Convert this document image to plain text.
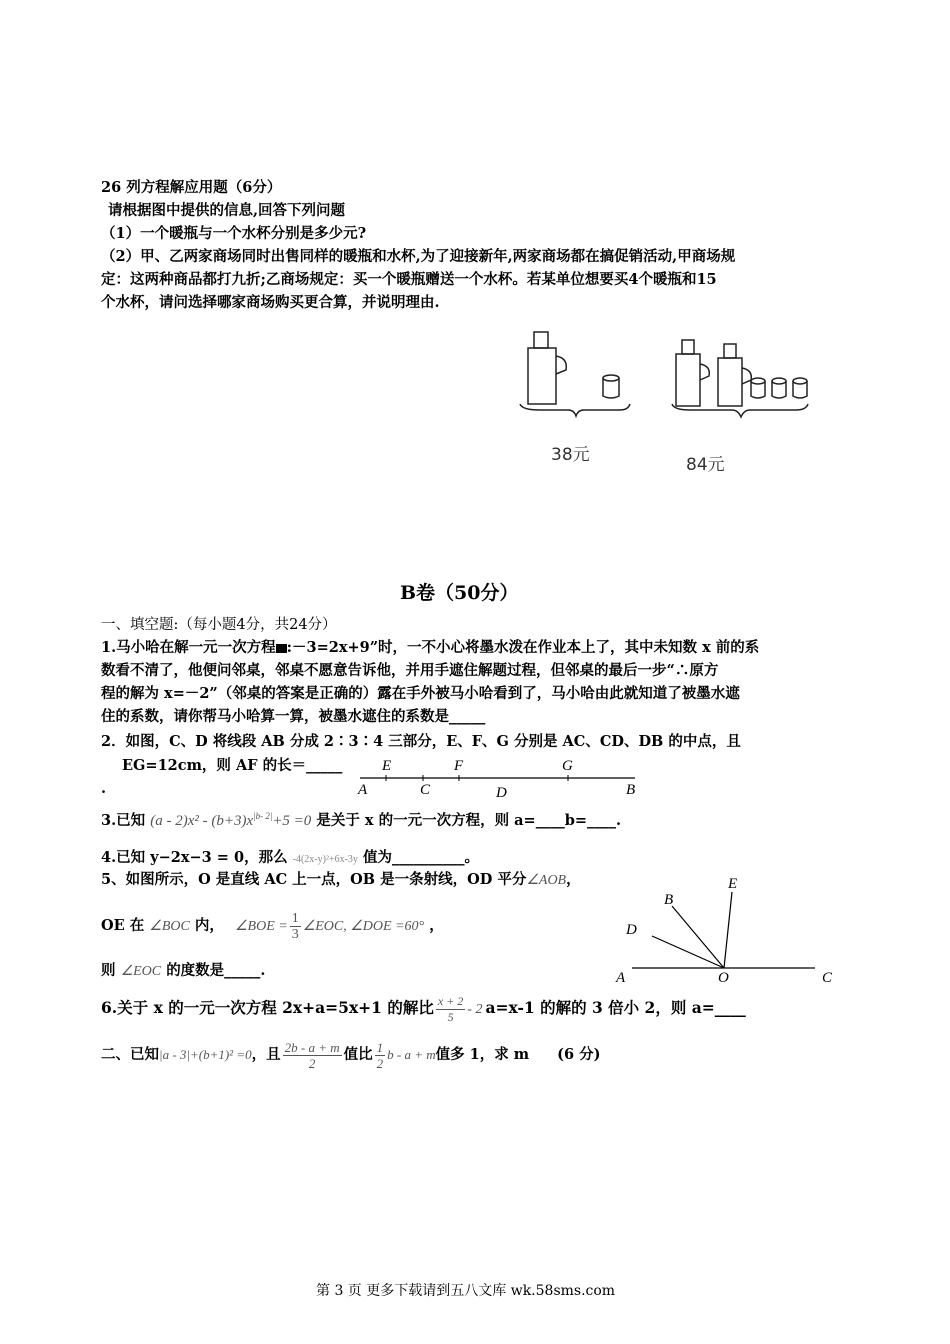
26 列方程解应用题（6分）
请根据图中提供的信息,回答下列问题
（1）一个暖瓶与一个水杯分别是多少元?
（2）甲、乙两家商场同时出售同样的暖瓶和水杯,为了迎接新年,两家商场都在搞促销活动,甲商场规
定：这两种商品都打九折;乙商场规定：买一个暖瓶赠送一个水杯。若某单位想要买4个暖瓶和15
个水杯，请问选择哪家商场购买更合算，并说明理由.
38元	84元
B卷（50分）
一、填空题:（每小题4分，共24分）
1.马小哈在解一元一次方程 :－3=2x+9”时，一不小心将墨水泼在作业本上了，其中未知数 x 前的系
数看不清了，他便问邻桌，邻桌不愿意告诉他，并用手遮住解题过程，但邻桌的最后一步“∴原方
程的解为 x=－2”（邻桌的答案是正确的）露在手外被马小哈看到了，马小哈由此就知道了被墨水遮
住的系数，请你帮马小哈算一算，被墨水遮住的系数是_____
2．如图，C、D 将线段 AB 分成 2∶3∶4 三部分，E、F、G 分别是 AC、CD、DB 的中点，且
EG=12cm，则 AF 的长＝_____
.	A
E
C
F
D
G
B
3.已知 $(a - 2)x^2 - (b+3)x^{|b- 2|}+5 =0$ 是关于 x 的一元一次方程，则 a=____b=____.
4.已知 y−2x−3 = 0，那么 -4(2x-y)²+6x-3y 值为__________。
5、如图所示，O 是直线 AC 上一点，OB 是一条射线，OD 平分∠AOB，
OE 在 ∠BOC 内， ∠BOE = $\frac{1}{3}$ ∠EOC, ∠DOE =60° ，
则 ∠EOC 的度数是_____.	A	O	C
B
D
E
6.关于 x 的一元一次方程 2x+a=5x+1 的解比 $\frac{x + 2}{5} - 2$ a=x-1 的解的 3 倍小 2，则 a=____
二、已知|a - 3|+(b+1)² =0，且 $\frac{2b - a + m}{2}$ 值比 $\frac{1}{2}$ b - a + m值多 1，求 m (6 分)
第 3 页 更多下载请到五八文库 wk.58sms.com
